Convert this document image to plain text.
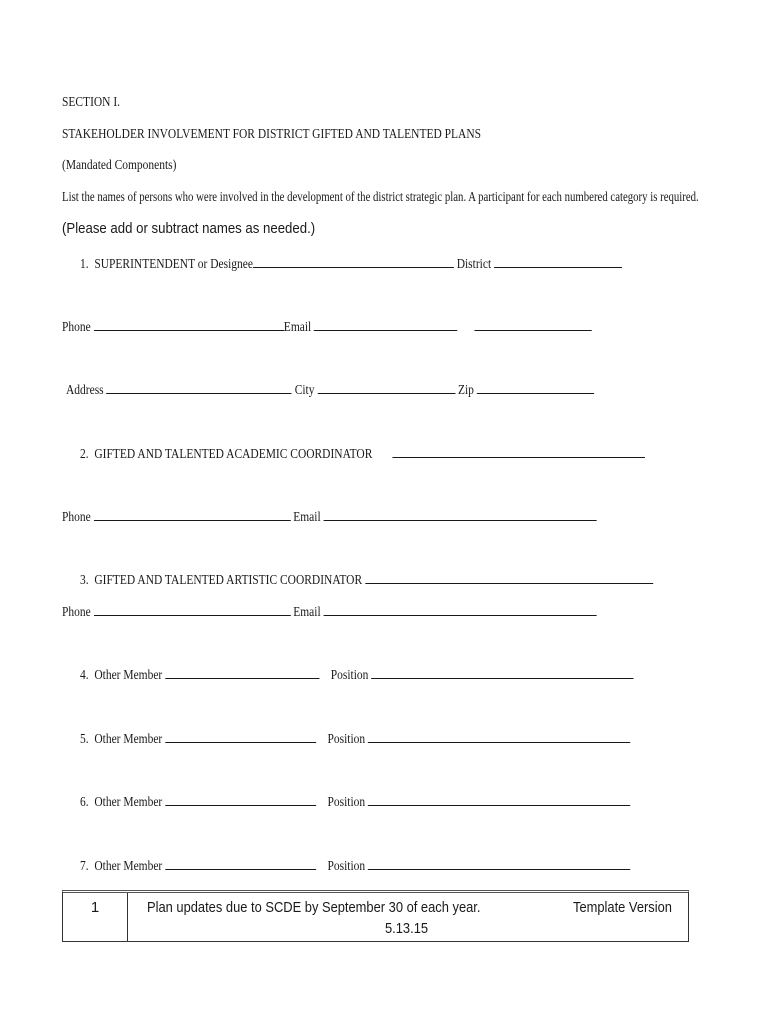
SECTION I.
STAKEHOLDER INVOLVEMENT FOR DISTRICT GIFTED AND TALENTED PLANS
(Mandated Components)
List the names of persons who were involved in the development of the district strategic plan. A participant for each numbered category is required.
(Please add or subtract names as needed.)
1. SUPERINTENDENT or Designee	District
Phone	Email
Address	City	Zip
2. GIFTED AND TALENTED ACADEMIC COORDINATOR
Phone	Email
3. GIFTED AND TALENTED ARTISTIC COORDINATOR
Phone	Email
4. Other Member	Position
5. Other Member	Position
6. Other Member	Position
7. Other Member	Position
1	Plan updates due to SCDE by September 30 of each year.	Template Version
5.13.15
